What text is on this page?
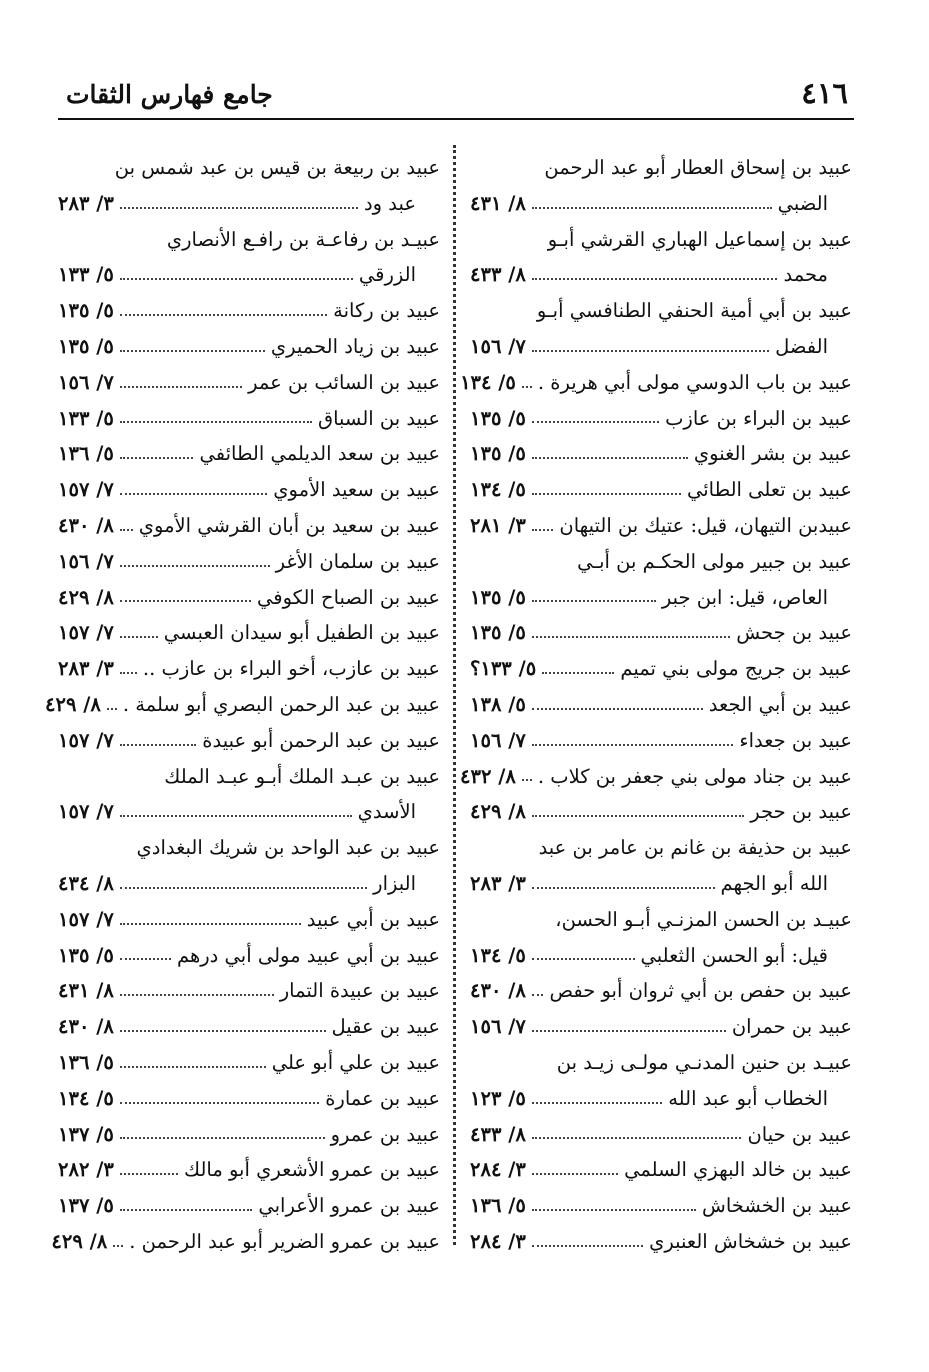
٤١٦
جامع فهارس الثقات
عبيد بن إسحاق العطار أبو عبد الرحمن
الضبي
٨/ ٤٣١
عبيد بن إسماعيل الهباري القرشي أبـو
محمد
٨/ ٤٣٣
عبيد بن أبي أمية الحنفي الطنافسي أبـو
الفضل
٧/ ١٥٦
عبيد بن باب الدوسي مولى أبي هريرة .
٥/ ١٣٤
عبيد بن البراء بن عازب
٥/ ١٣٥
عبيد بن بشر الغنوي
٥/ ١٣٥
عبيد بن تعلى الطائي
٥/ ١٣٤
عبيدبن التيهان، قيل: عتيك بن التيهان
٣/ ٢٨١
عبيد بن جبير مولى الحكـم بن أبـي
العاص، قيل: ابن جبر
٥/ ١٣٥
عبيد بن جحش
٥/ ١٣٥
عبيد بن جريج مولى بني تميم
٥/ ١٣٣؟
عبيد بن أبي الجعد
٥/ ١٣٨
عبيد بن جعداء
٧/ ١٥٦
عبيد بن جناد مولى بني جعفر بن كلاب .
٨/ ٤٣٢
عبيد بن حجر
٨/ ٤٢٩
عبيد بن حذيفة بن غانم بن عامر بن عبد
الله أبو الجهم
٣/ ٢٨٣
عبيـد بن الحسن المزنـي أبـو الحسن،
قيل: أبو الحسن الثعلبي
٥/ ١٣٤
عبيد بن حفص بن أبي ثروان أبو حفص
٨/ ٤٣٠
عبيد بن حمران
٧/ ١٥٦
عبيـد بن حنين المدنـي مولـى زيـد بن
الخطاب أبو عبد الله
٥/ ١٢٣
عبيد بن حيان
٨/ ٤٣٣
عبيد بن خالد البهزي السلمي
٣/ ٢٨٤
عبيد بن الخشخاش
٥/ ١٣٦
عبيد بن خشخاش العنبري
٣/ ٢٨٤
عبيد بن ربيعة بن قيس بن عبد شمس بن
عبد ود
٣/ ٢٨٣
عبيـد بن رفاعـة بن رافـع الأنصاري
الزرقي
٥/ ١٣٣
عبيد بن ركانة
٥/ ١٣٥
عبيد بن زياد الحميري
٥/ ١٣٥
عبيد بن السائب بن عمر
٧/ ١٥٦
عبيد بن السباق
٥/ ١٣٣
عبيد بن سعد الديلمي الطائفي
٥/ ١٣٦
عبيد بن سعيد الأموي
٧/ ١٥٧
عبيد بن سعيد بن أبان القرشي الأموي
٨/ ٤٣٠
عبيد بن سلمان الأغر
٧/ ١٥٦
عبيد بن الصباح الكوفي
٨/ ٤٢٩
عبيد بن الطفيل أبو سيدان العبسي
٧/ ١٥٧
عبيد بن عازب، أخو البراء بن عازب ..
٣/ ٢٨٣
عبيد بن عبد الرحمن البصري أبو سلمة .
٨/ ٤٢٩
عبيد بن عبد الرحمن أبو عبيدة
٧/ ١٥٧
عبيد بن عبـد الملك أبـو عبـد الملك
الأسدي
٧/ ١٥٧
عبيد بن عبد الواحد بن شريك البغدادي
البزار
٨/ ٤٣٤
عبيد بن أبي عبيد
٧/ ١٥٧
عبيد بن أبي عبيد مولى أبي درهم
٥/ ١٣٥
عبيد بن عبيدة التمار
٨/ ٤٣١
عبيد بن عقيل
٨/ ٤٣٠
عبيد بن علي أبو علي
٥/ ١٣٦
عبيد بن عمارة
٥/ ١٣٤
عبيد بن عمرو
٥/ ١٣٧
عبيد بن عمرو الأشعري أبو مالك
٣/ ٢٨٢
عبيد بن عمرو الأعرابي
٥/ ١٣٧
عبيد بن عمرو الضرير أبو عبد الرحمن .
٨/ ٤٢٩
